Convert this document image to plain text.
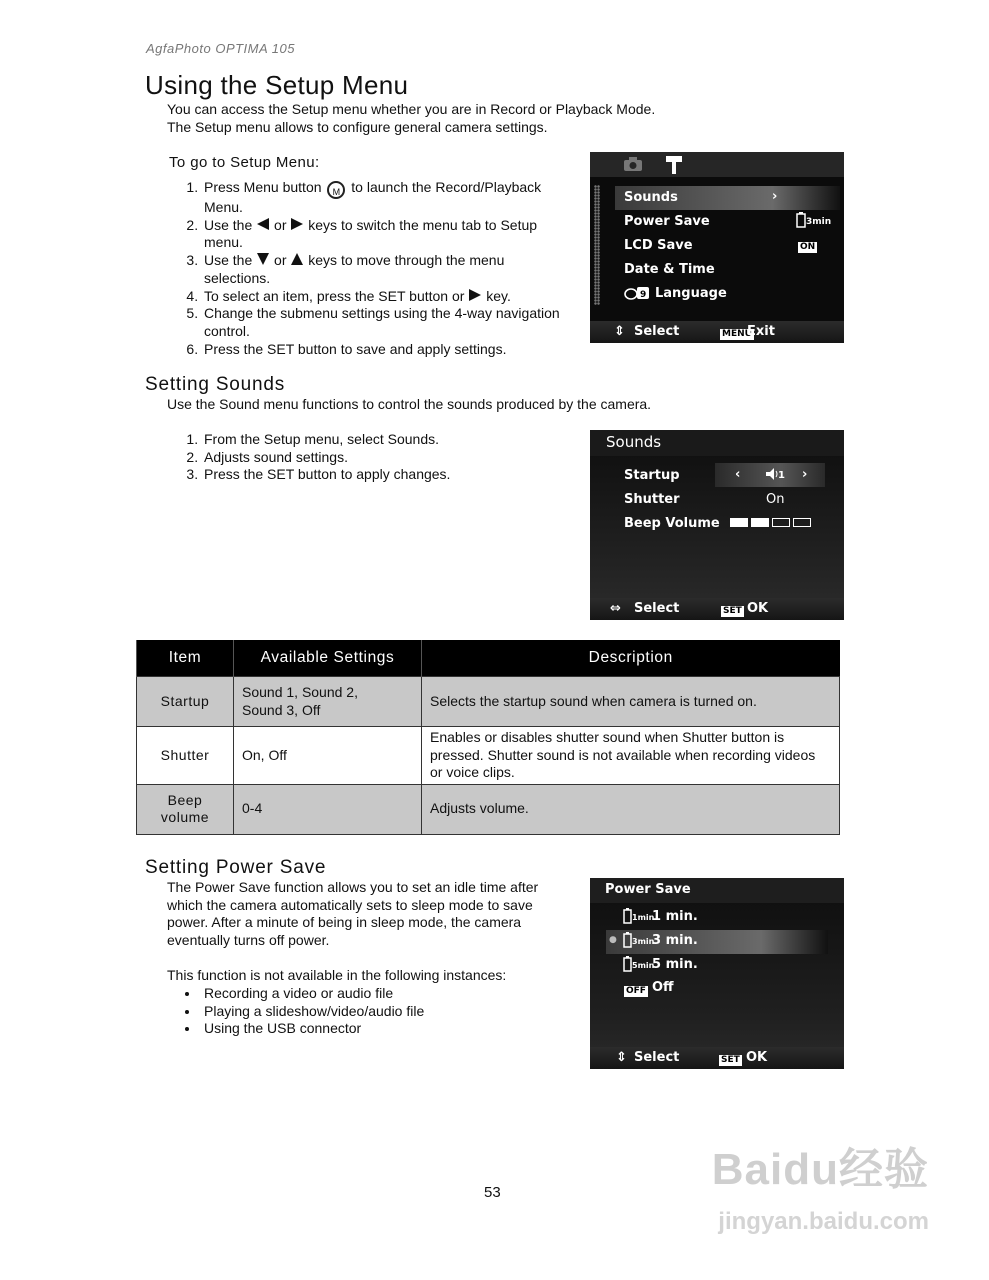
AgfaPhoto OPTIMA 105
Using the Setup Menu
You can access the Setup menu whether you are in Record or Playback Mode.
The Setup menu allows to configure general camera settings.
To go to Setup Menu:
1. Press Menu button M to launch the Record/Playback
Menu.
2. Use the or keys to switch the menu tab to Setup
menu.
3. Use the or keys to move through the menu
selections.
4. To select an item, press the SET button or key.
5. Change the submenu settings using the 4-way navigation
control.
6. Press the SET button to save and apply settings.
Sounds	›
Power Save	3min
LCD Save	ON
Date & Time
9 Language
⇕ Select	MENU
Exit
Setting Sounds
Use the Sound menu functions to control the sounds produced by the camera.
1. From the Setup menu, select Sounds.
2. Adjusts sound settings.
3. Press the SET button to apply changes.
Sounds
Startup	‹	1 ›
Shutter	On
Beep Volume
⇔ Select	SET OK
Item	Available Settings	Description
Startup	Sound 1, Sound 2,
Sound 3, Off	Selects the startup sound when camera is turned on.
Shutter	On, Off	Enables or disables shutter sound when Shutter button is pressed. Shutter sound is not available when recording videos or voice clips.

Beep
volume	0-4	Adjusts volume.
Setting Power Save
The Power Save function allows you to set an idle time after
which the camera automatically sets to sleep mode to save
power. After a minute of being in sleep mode, the camera
eventually turns off power.
This function is not available in the following instances:
• Recording a video or audio file
• Playing a slideshow/video/audio file
• Using the USB connector
Power Save
●
1min
1 min.
3min
3 min.
5min
5 min.
OFF Off
⇕ Select	SET OK
53	Baidu经验
jingyan.baidu.com
